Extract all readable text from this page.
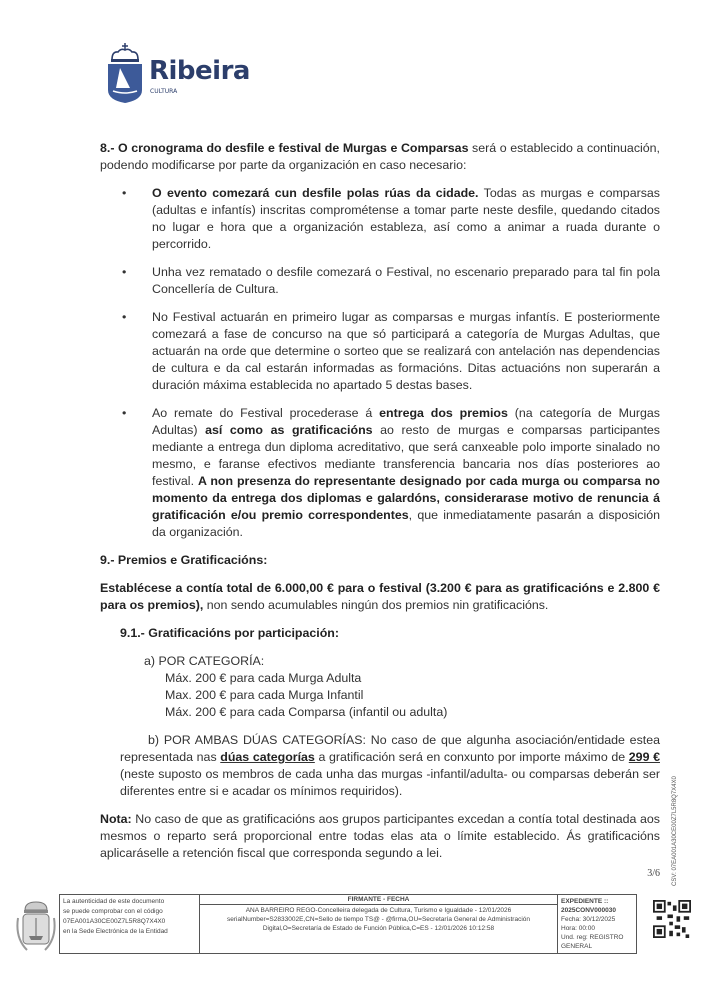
Ribeira
CULTURA

8.- O cronograma do desfile e festival de Murgas e Comparsas será o establecido a continuación, podendo modificarse por parte da organización en caso necesario:

• O evento comezará cun desfile polas rúas da cidade. Todas as murgas e comparsas (adultas e infantís) inscritas comprométense a tomar parte neste desfile, quedando citados no lugar e hora que a organización estableza, así como a animar a ruada durante o percorrido.
• Unha vez rematado o desfile comezará o Festival, no escenario preparado para tal fin pola Concellería de Cultura.
• No Festival actuarán en primeiro lugar as comparsas e murgas infantís. E posteriormente comezará a fase de concurso na que só participará a categoría de Murgas Adultas, que actuarán na orde que determine o sorteo que se realizará con antelación nas dependencias de cultura e da cal estarán informadas as formacións. Ditas actuacións non superarán a duración máxima establecida no apartado 5 destas bases.
• Ao remate do Festival procederase á entrega dos premios (na categoría de Murgas Adultas) así como as gratificacións ao resto de murgas e comparsas participantes mediante a entrega dun diploma acreditativo, que será canxeable polo importe sinalado no mesmo, e faranse efectivos mediante transferencia bancaria nos días posteriores ao festival. A non presenza do representante designado por cada murga ou comparsa no momento da entrega dos diplomas e galardóns, considerarase motivo de renuncia á gratificación e/ou premio correspondentes, que inmediatamente pasarán a disposición da organización.

9.- Premios e Gratificacións:

Establécese a contía total de 6.000,00 € para o festival (3.200 € para as gratificacións e 2.800 € para os premios), non sendo acumulables ningún dos premios nin gratificacións.

9.1.- Gratificacións por participación:

a) POR CATEGORÍA:

Máx. 200 € para cada Murga Adulta

Max. 200 € para cada Murga Infantil

Máx. 200 € para cada Comparsa (infantil ou adulta)

b) POR AMBAS DÚAS CATEGORÍAS: No caso de que algunha asociación/entidade estea representada nas dúas categorías a gratificación será en conxunto por importe máximo de 299 € (neste suposto os membros de cada unha das murgas -infantil/adulta- ou comparsas deberán ser diferentes entre si e acadar os mínimos requiridos).

Nota: No caso de que as gratificacións aos grupos participantes excedan a contía total destinada aos mesmos o reparto será proporcional entre todas elas ata o límite establecido. Ás gratificacións aplicaráselle a retención fiscal que corresponda segundo a lei.

3/6
La autenticidad de este documento
se puede comprobar con el código
07EA001A30CE00Z7L5R8Q7X4X0
en la Sede Electrónica de la Entidad
FIRMANTE - FECHA
ANA BARREIRO REGO-Concelleira delegada de Cultura, Turismo e Igualdade - 12/01/2026
serialNumber=S2833002E,CN=Sello de tiempo TS@ - @firma,OU=Secretaría General de Administración
Digital,O=Secretaría de Estado de Función Pública,C=ES - 12/01/2026 10:12:58
EXPEDIENTE ::
2025CONV000030
Fecha: 30/12/2025
Hora: 00:00
Und. reg: REGISTRO GENERAL
CSV: 07EA001A30CE00Z7L5R8Q7X4X0
